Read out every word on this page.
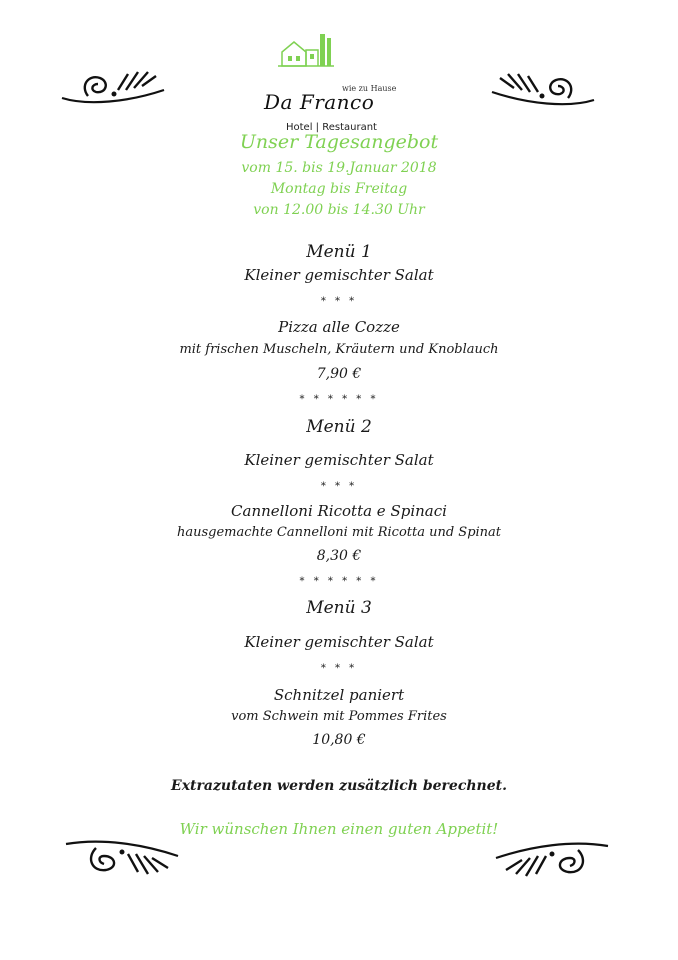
wie zu Hause
Da Franco
Hotel | Restaurant
Unser Tagesangebot
vom 15. bis 19.Januar 2018
Montag bis Freitag
von 12.00 bis 14.30 Uhr
Menü 1
Kleiner gemischter Salat
* * *
Pizza alle Cozze
mit frischen Muscheln, Kräutern und Knoblauch
7,90 €
* * * * * *
Menü 2
Kleiner gemischter Salat
* * *
Cannelloni Ricotta e Spinaci
hausgemachte Cannelloni mit Ricotta und Spinat
8,30 €
* * * * * *
Menü 3
Kleiner gemischter Salat
* * *
Schnitzel paniert
vom Schwein mit Pommes Frites
10,80 €
Extrazutaten werden zusätzlich berechnet.
Wir wünschen Ihnen einen guten Appetit!
